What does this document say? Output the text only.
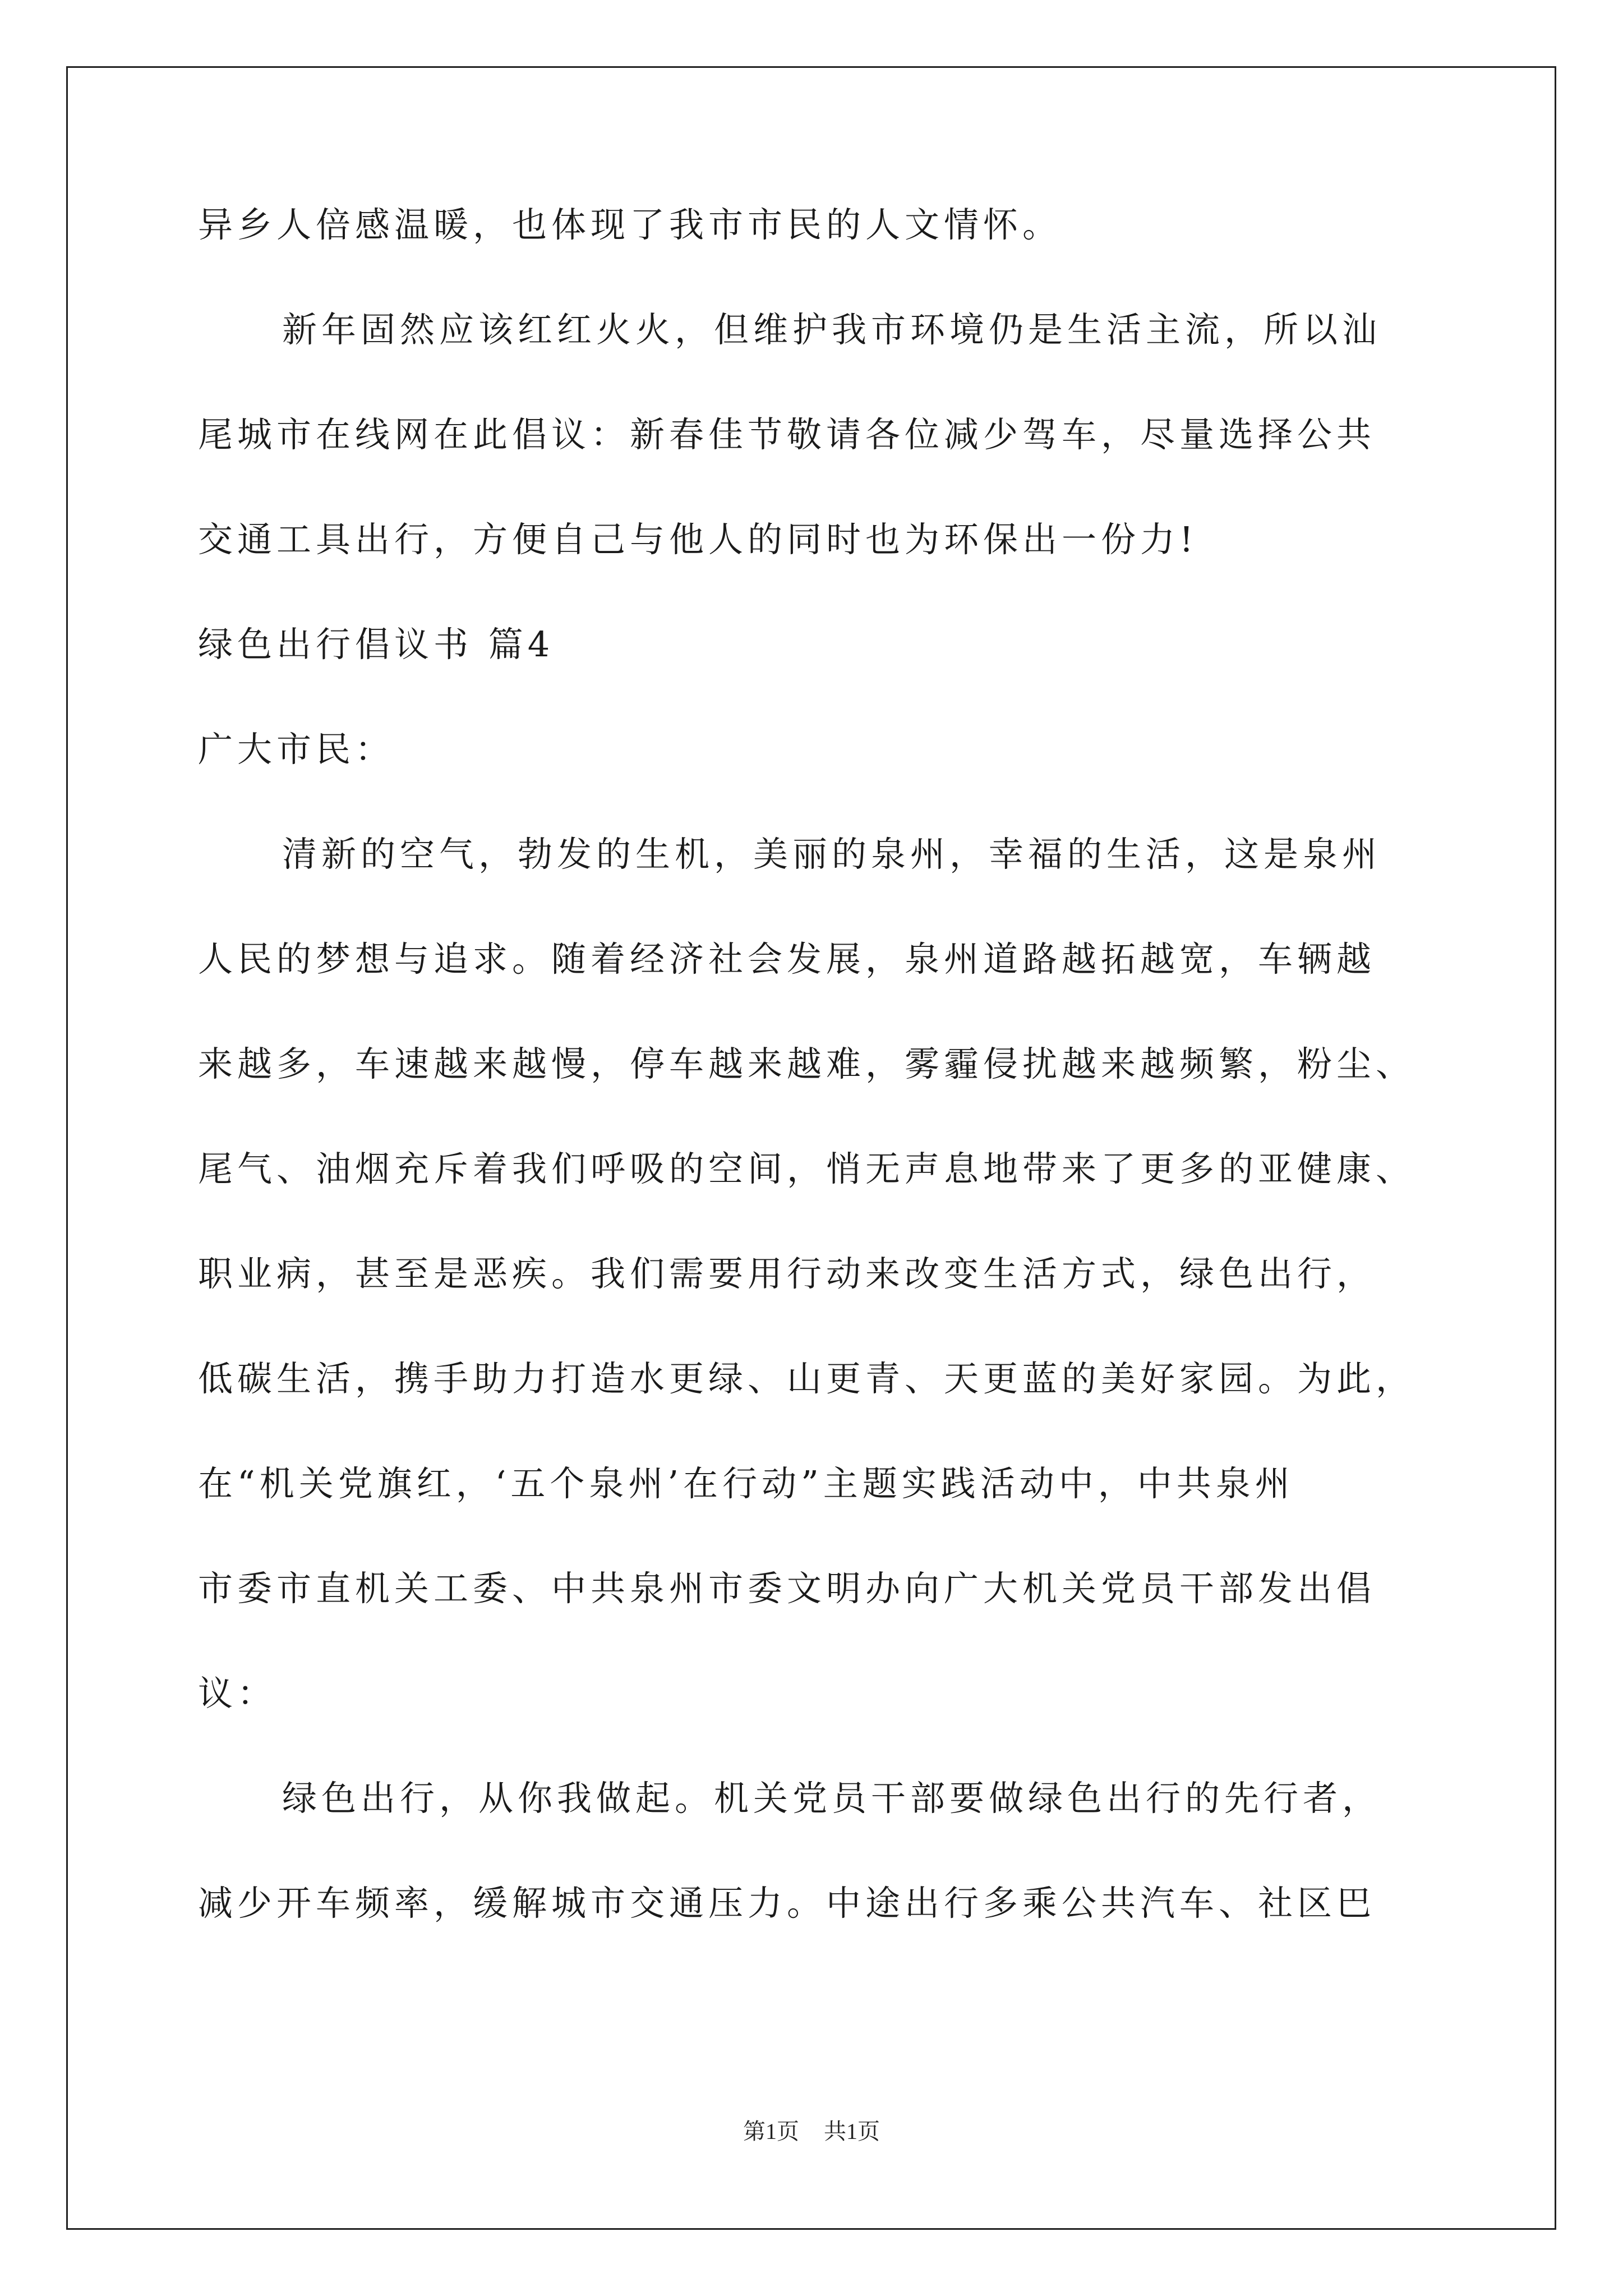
异乡人倍感温暖，也体现了我市市民的人文情怀。
新年固然应该红红火火，但维护我市环境仍是生活主流，所以汕
尾城市在线网在此倡议：新春佳节敬请各位减少驾车，尽量选择公共
交通工具出行，方便自己与他人的同时也为环保出一份力!
绿色出行倡议书 篇4
广大市民：
清新的空气，勃发的生机，美丽的泉州，幸福的生活，这是泉州
人民的梦想与追求。随着经济社会发展，泉州道路越拓越宽，车辆越
来越多，车速越来越慢，停车越来越难，雾霾侵扰越来越频繁，粉尘、
尾气、油烟充斥着我们呼吸的空间，悄无声息地带来了更多的亚健康、
职业病，甚至是恶疾。我们需要用行动来改变生活方式，绿色出行，
低碳生活，携手助力打造水更绿、山更青、天更蓝的美好家园。为此，
在“机关党旗红，‘五个泉州’在行动”主题实践活动中，中共泉州
市委市直机关工委、中共泉州市委文明办向广大机关党员干部发出倡
议：
绿色出行，从你我做起。机关党员干部要做绿色出行的先行者，
减少开车频率，缓解城市交通压力。中途出行多乘公共汽车、社区巴
第1页 共1页
